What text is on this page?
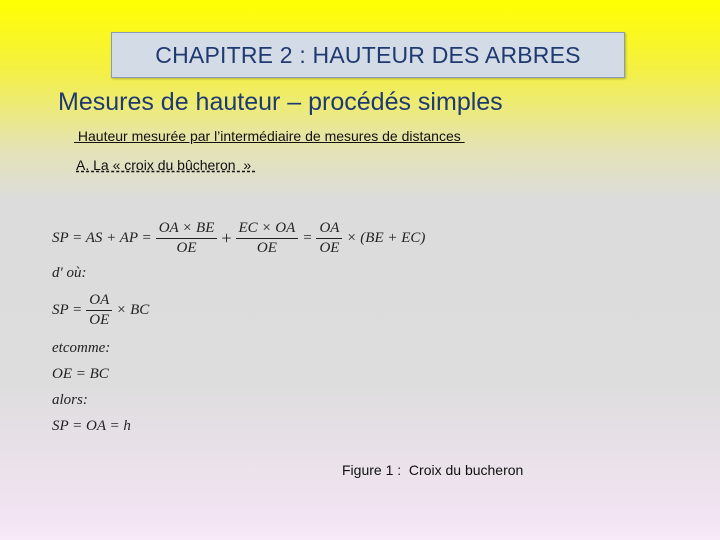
CHAPITRE 2 : HAUTEUR DES ARBRES
Mesures de hauteur – procédés simples
Hauteur mesurée par l’intermédiaire de mesures de distances
A. La « croix du bûcheron  »
SP = AS + AP = $\frac{OA \times BE}{OE} + \frac{EC \times OA}{OE} = \frac{OA}{OE} \times (BE + EC)$
d' où:
SP = $\frac{OA}{OE}$ × BC
etcomme:
OE = BC
alors:
SP = OA = h
Figure 1 :  Croix du bucheron
